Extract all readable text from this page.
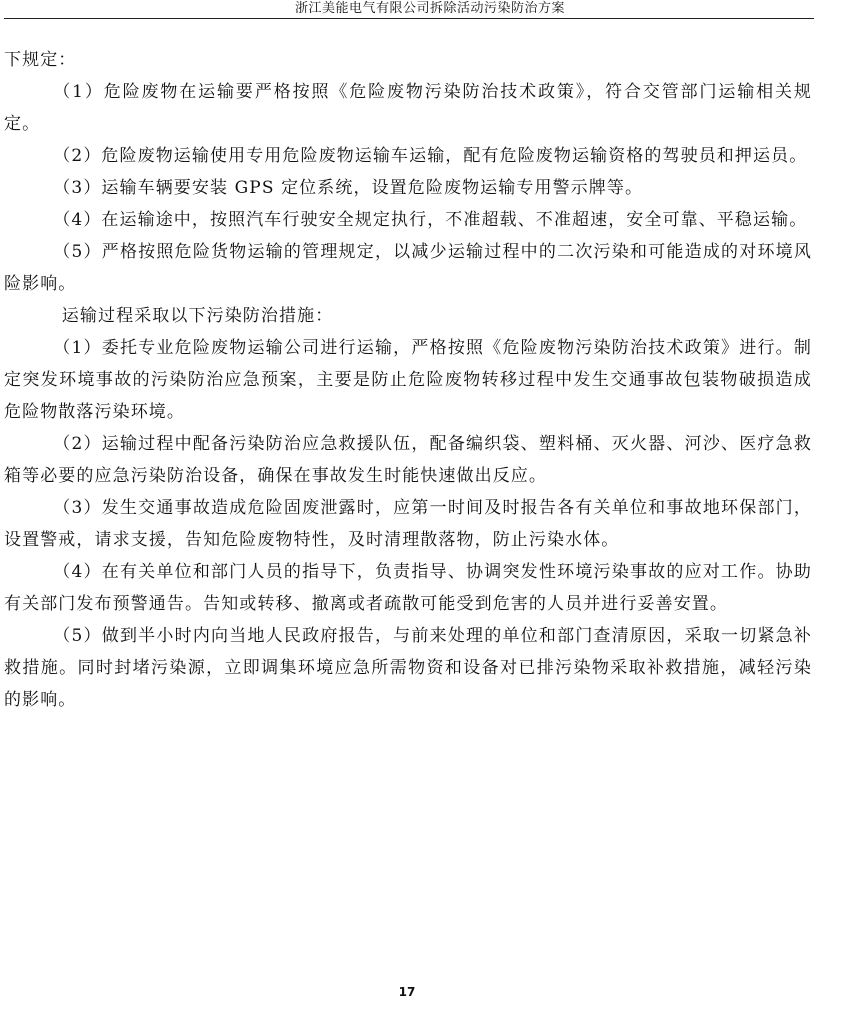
浙江美能电气有限公司拆除活动污染防治方案

下规定：

（1）危险废物在运输要严格按照《危险废物污染防治技术政策》，符合交管部门运输相关规定。

（2）危险废物运输使用专用危险废物运输车运输，配有危险废物运输资格的驾驶员和押运员。

（3）运输车辆要安装 GPS 定位系统，设置危险废物运输专用警示牌等。

（4）在运输途中，按照汽车行驶安全规定执行，不准超载、不准超速，安全可靠、平稳运输。

（5）严格按照危险货物运输的管理规定，以减少运输过程中的二次污染和可能造成的对环境风险影响。

运输过程采取以下污染防治措施：

（1）委托专业危险废物运输公司进行运输，严格按照《危险废物污染防治技术政策》进行。制定突发环境事故的污染防治应急预案，主要是防止危险废物转移过程中发生交通事故包装物破损造成危险物散落污染环境。

（2）运输过程中配备污染防治应急救援队伍，配备编织袋、塑料桶、灭火器、河沙、医疗急救箱等必要的应急污染防治设备，确保在事故发生时能快速做出反应。

（3）发生交通事故造成危险固废泄露时，应第一时间及时报告各有关单位和事故地环保部门，设置警戒，请求支援，告知危险废物特性，及时清理散落物，防止污染水体。

（4）在有关单位和部门人员的指导下，负责指导、协调突发性环境污染事故的应对工作。协助有关部门发布预警通告。告知或转移、撤离或者疏散可能受到危害的人员并进行妥善安置。

（5）做到半小时内向当地人民政府报告，与前来处理的单位和部门查清原因，采取一切紧急补救措施。同时封堵污染源，立即调集环境应急所需物资和设备对已排污染物采取补救措施，减轻污染的影响。

17
